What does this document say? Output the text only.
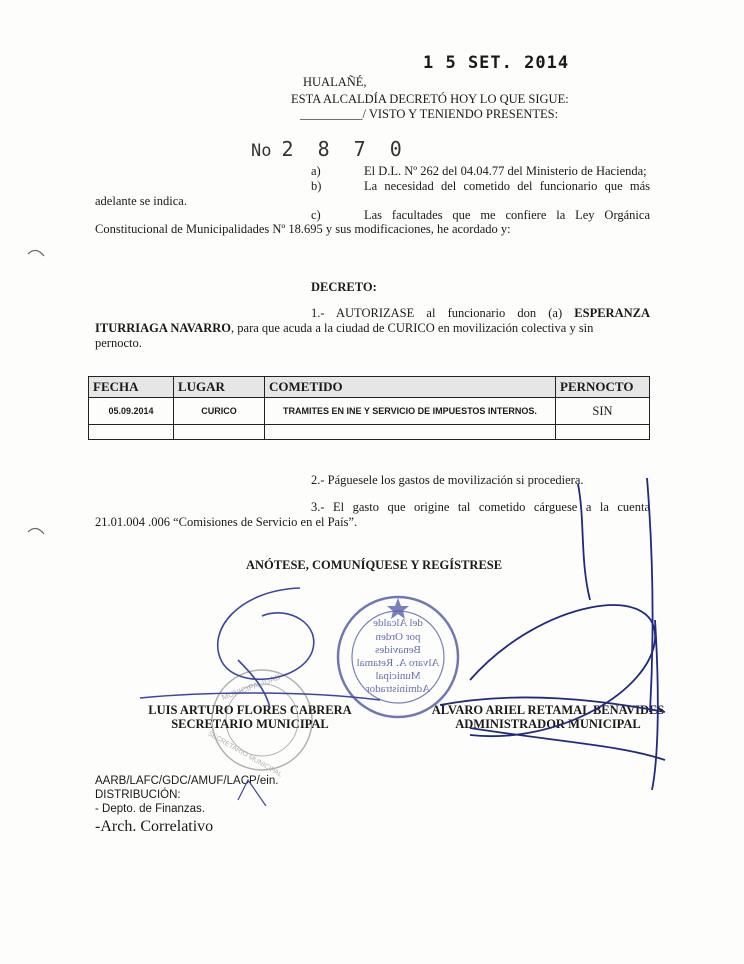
1 5 SET. 2014
HUALAÑÉ,
ESTA ALCALDÍA DECRETÓ HOY LO QUE SIGUE:
__________/ VISTO Y TENIENDO PRESENTES:
No 2 8 7 0
a)	El D.L. Nº 262 del 04.04.77 del Ministerio de Hacienda;
b)	La necesidad del cometido del funcionario que más
adelante se indica.
c)	Las facultades que me confiere la Ley Orgánica
Constitucional de Municipalidades Nº 18.695 y sus modificaciones, he acordado y:
DECRETO:
1.- AUTORIZASE al funcionario don (a) ESPERANZA
ITURRIAGA NAVARRO, para que acuda a la ciudad de CURICO en movilización colectiva y sin
pernocto.
FECHA	LUGAR	COMETIDO	PERNOCTO
05.09.2014	CURICO	TRAMITES EN INE Y SERVICIO DE IMPUESTOS INTERNOS.	SIN

2.- Páguesele los gastos de movilización si procediera.
3.- El gasto que origine tal cometido cárguese a la cuenta
21.01.004 .006 “Comisiones de Servicio en el País”.
ANÓTESE, COMUNÍQUESE Y REGÍSTRESE
LUIS ARTURO FLORES CABRERA
SECRETARIO MUNICIPAL
ALVARO ARIEL RETAMAL BENAVIDES
ADMINISTRADOR MUNICIPAL
AARB/LAFC/GDC/AMUF/LACP/ein.
DISTRIBUCIÓN:
- Depto. de Finanzas.
-Arch. Correlativo
MUNICIPALIDAD
SECRETARIO MUNICIPAL
del Alcalde
por Orden
Benavides
Alvaro A. Retamal
Municipal
Administrador
